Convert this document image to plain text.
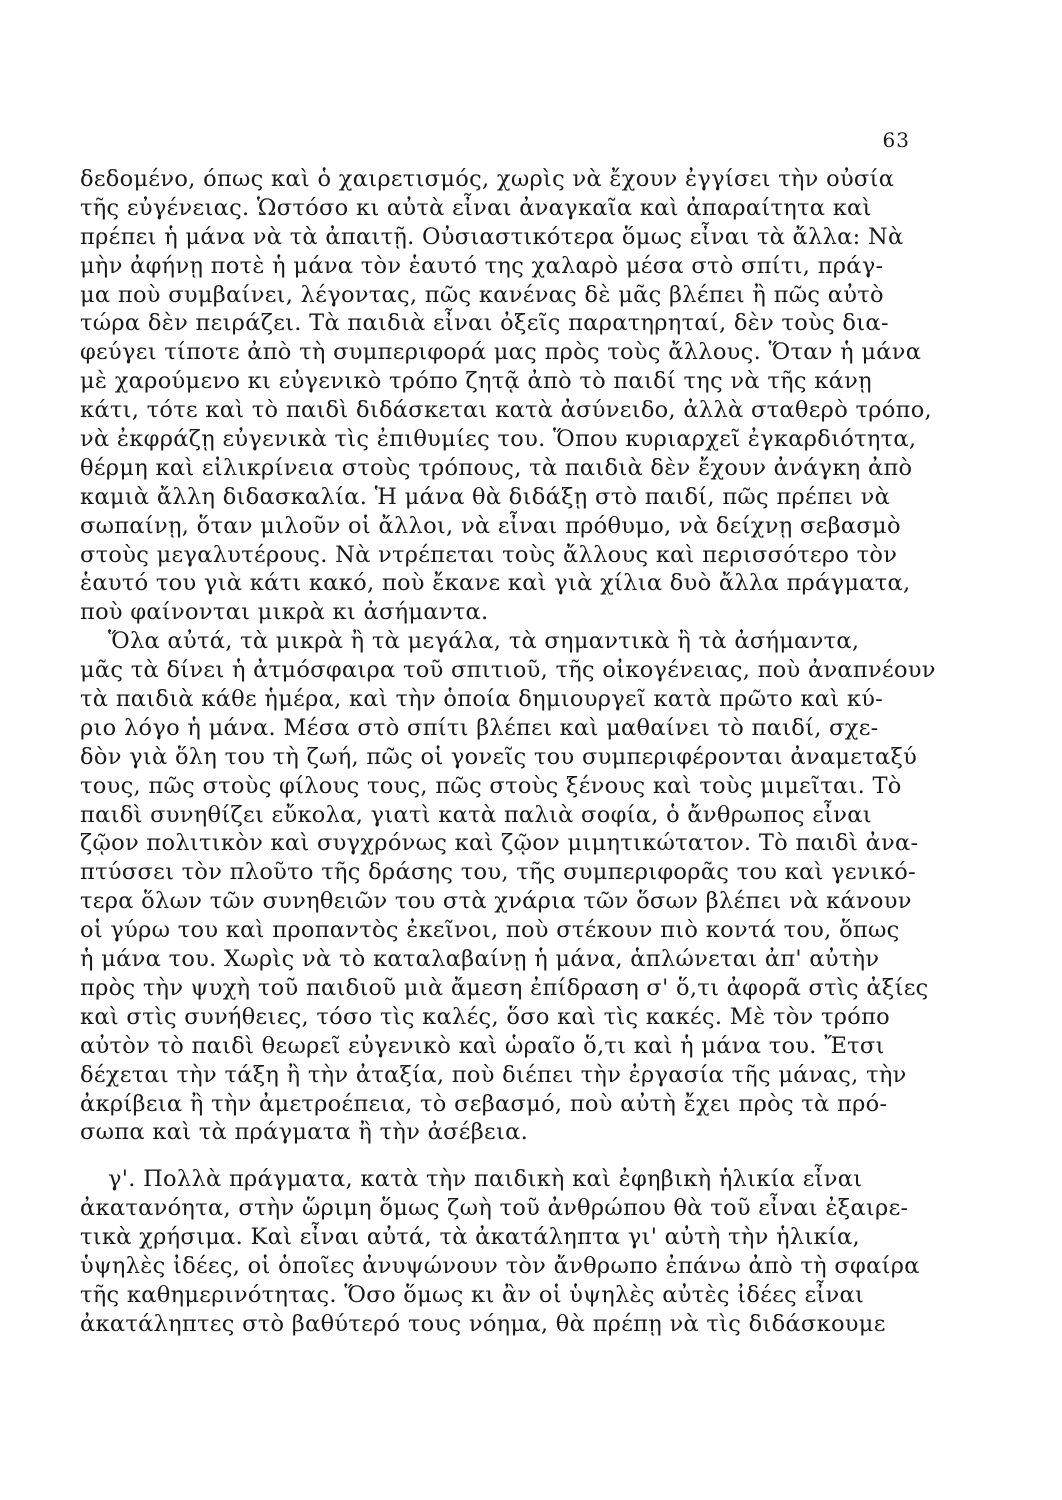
63
δεδομένο, όπως καὶ ὁ χαιρετισμός, χωρὶς νὰ ἔχουν ἐγγίσει τὴν οὐσία
τῆς εὐγένειας. Ὡστόσο κι αὐτὰ εἶναι ἀναγκαῖα καὶ ἀπαραίτητα καὶ
πρέπει ἡ μάνα νὰ τὰ ἀπαιτῇ. Οὐσιαστικότερα ὅμως εἶναι τὰ ἄλλα: Νὰ
μὴν ἀφήνῃ ποτὲ ἡ μάνα τὸν ἑαυτό της χαλαρὸ μέσα στὸ σπίτι, πράγ-
μα ποὺ συμβαίνει, λέγοντας, πῶς κανένας δὲ μᾶς βλέπει ἢ πῶς αὐτὸ
τώρα δὲν πειράζει. Τὰ παιδιὰ εἶναι ὀξεῖς παρατηρηταί, δὲν τοὺς δια-
φεύγει τίποτε ἀπὸ τὴ συμπεριφορά μας πρὸς τοὺς ἄλλους. Ὅταν ἡ μάνα
μὲ χαρούμενο κι εὐγενικὸ τρόπο ζητᾷ ἀπὸ τὸ παιδί της νὰ τῆς κάνῃ
κάτι, τότε καὶ τὸ παιδὶ διδάσκεται κατὰ ἀσύνειδο, ἀλλὰ σταθερὸ τρόπο,
νὰ ἐκφράζῃ εὐγενικὰ τὶς ἐπιθυμίες του. Ὅπου κυριαρχεῖ ἐγκαρδιότητα,
θέρμη καὶ εἰλικρίνεια στοὺς τρόπους, τὰ παιδιὰ δὲν ἔχουν ἀνάγκη ἀπὸ
καμιὰ ἄλλη διδασκαλία. Ἡ μάνα θὰ διδάξῃ στὸ παιδί, πῶς πρέπει νὰ
σωπαίνῃ, ὅταν μιλοῦν οἱ ἄλλοι, νὰ εἶναι πρόθυμο, νὰ δείχνῃ σεβασμὸ
στοὺς μεγαλυτέρους. Νὰ ντρέπεται τοὺς ἄλλους καὶ περισσότερο τὸν
ἑαυτό του γιὰ κάτι κακό, ποὺ ἔκανε καὶ γιὰ χίλια δυὸ ἄλλα πράγματα,
ποὺ φαίνονται μικρὰ κι ἀσήμαντα.
Ὅλα αὐτά, τὰ μικρὰ ἢ τὰ μεγάλα, τὰ σημαντικὰ ἢ τὰ ἀσήμαντα,
μᾶς τὰ δίνει ἡ ἀτμόσφαιρα τοῦ σπιτιοῦ, τῆς οἰκογένειας, ποὺ ἀναπνέουν
τὰ παιδιὰ κάθε ἡμέρα, καὶ τὴν ὁποία δημιουργεῖ κατὰ πρῶτο καὶ κύ-
ριο λόγο ἡ μάνα. Μέσα στὸ σπίτι βλέπει καὶ μαθαίνει τὸ παιδί, σχε-
δὸν γιὰ ὅλη του τὴ ζωή, πῶς οἱ γονεῖς του συμπεριφέρονται ἀναμεταξύ
τους, πῶς στοὺς φίλους τους, πῶς στοὺς ξένους καὶ τοὺς μιμεῖται. Τὸ
παιδὶ συνηθίζει εὔκολα, γιατὶ κατὰ παλιὰ σοφία, ὁ ἄνθρωπος εἶναι
ζῷον πολιτικὸν καὶ συγχρόνως καὶ ζῷον μιμητικώτατον. Τὸ παιδὶ ἀνα-
πτύσσει τὸν πλοῦτο τῆς δράσης του, τῆς συμπεριφορᾶς του καὶ γενικό-
τερα ὅλων τῶν συνηθειῶν του στὰ χνάρια τῶν ὅσων βλέπει νὰ κάνουν
οἱ γύρω του καὶ προπαντὸς ἐκεῖνοι, ποὺ στέκουν πιὸ κοντά του, ὅπως
ἡ μάνα του. Χωρὶς νὰ τὸ καταλαβαίνῃ ἡ μάνα, ἁπλώνεται ἀπ' αὐτὴν
πρὸς τὴν ψυχὴ τοῦ παιδιοῦ μιὰ ἄμεση ἐπίδραση σ' ὅ,τι ἀφορᾶ στὶς ἀξίες
καὶ στὶς συνήθειες, τόσο τὶς καλές, ὅσο καὶ τὶς κακές. Μὲ τὸν τρόπο
αὐτὸν τὸ παιδὶ θεωρεῖ εὐγενικὸ καὶ ὡραῖο ὅ,τι καὶ ἡ μάνα του. Ἔτσι
δέχεται τὴν τάξη ἢ τὴν ἀταξία, ποὺ διέπει τὴν ἐργασία τῆς μάνας, τὴν
ἀκρίβεια ἢ τὴν ἀμετροέπεια, τὸ σεβασμό, ποὺ αὐτὴ ἔχει πρὸς τὰ πρό-
σωπα καὶ τὰ πράγματα ἢ τὴν ἀσέβεια.
γ'. Πολλὰ πράγματα, κατὰ τὴν παιδικὴ καὶ ἐφηβικὴ ἡλικία εἶναι
ἀκατανόητα, στὴν ὥριμη ὅμως ζωὴ τοῦ ἀνθρώπου θὰ τοῦ εἶναι ἐξαιρε-
τικὰ χρήσιμα. Καὶ εἶναι αὐτά, τὰ ἀκατάληπτα γι' αὐτὴ τὴν ἡλικία,
ὑψηλὲς ἰδέες, οἱ ὁποῖες ἀνυψώνουν τὸν ἄνθρωπο ἐπάνω ἀπὸ τὴ σφαίρα
τῆς καθημερινότητας. Ὅσο ὅμως κι ἂν οἱ ὑψηλὲς αὐτὲς ἰδέες εἶναι
ἀκατάληπτες στὸ βαθύτερό τους νόημα, θὰ πρέπῃ νὰ τὶς διδάσκουμε
